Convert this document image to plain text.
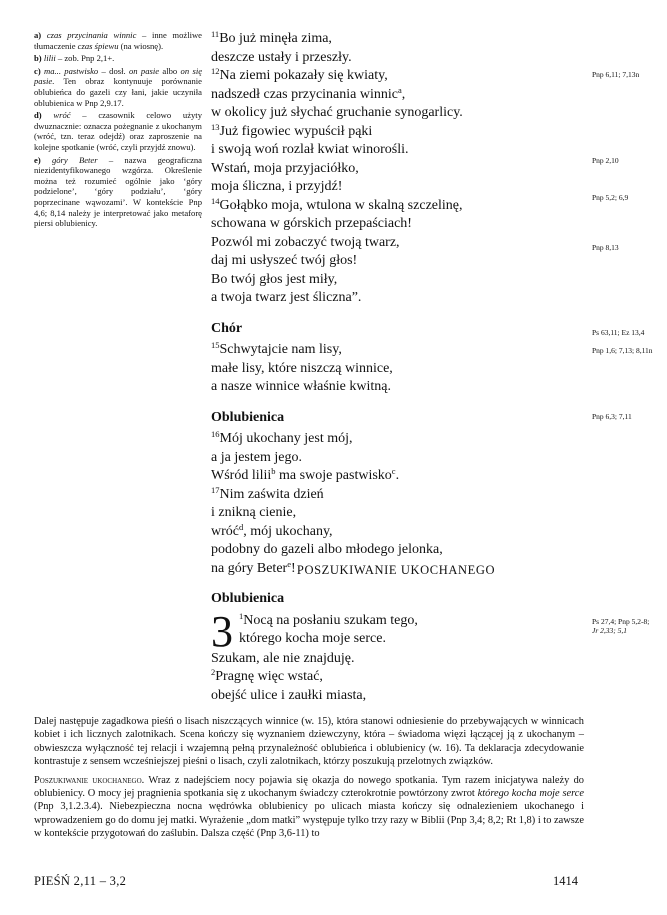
a) czas przycinania winnic – inne możliwe tłumaczenie czas śpiewu (na wiosnę).

b) lilii – zob. Pnp 2,1+.

c) ma... pastwisko – dosł. on pasie albo on się pasie. Ten obraz kontynuuje porównanie oblubieńca do gazeli czy łani, jakie uczyniła oblubienica w Pnp 2,9.17.

d) wróć – czasownik celowo użyty dwuznacznie: oznacza pożegnanie z ukochanym (wróć, tzn. teraz odejdź) oraz zaproszenie na kolejne spotkanie (wróć, czyli przyjdź znowu).

e) góry Beter – nazwa geograficzna niezidentyfikowanego wzgórza. Określenie można też rozumieć ogólnie jako ‘góry podzielone’, ‘góry podziału’, ‘góry poprzecinane wąwozami’. W kontekście Pnp 4,6; 8,14 należy je interpretować jako metaforę piersi oblubienicy.

$^{11}$Bo już minęła zima,
deszcze ustały i przeszły.
$^{12}$Na ziemi pokazały się kwiaty,
nadszedł czas przycinania winnic$^a$,
w okolicy już słychać gruchanie synogarlicy.
$^{13}$Już figowiec wypuścił pąki
i swoją woń rozlał kwiat winorośli.
Wstań, moja przyjaciółko,
moja śliczna, i przyjdź!
$^{14}$Gołąbko moja, wtulona w skalną szczelinę,
schowana w górskich przepaściach!
Pozwól mi zobaczyć twoją twarz,
daj mi usłyszeć twój głos!
Bo twój głos jest miły,
a twoja twarz jest śliczna”.
Chór
$^{15}$Schwytajcie nam lisy,
małe lisy, które niszczą winnice,
a nasze winnice właśnie kwitną.
Oblubienica
$^{16}$Mój ukochany jest mój,
a ja jestem jego.
Wśród lilii$^b$ ma swoje pastwisko$^c$.
$^{17}$Nim zaświta dzień
i znikną cienie,
wróć$^d$, mój ukochany,
podobny do gazeli albo młodego jelonka,
na góry Beter$^e$! POSZUKIWANIE UKOCHANEGO
Oblubienica
3 $^1$Nocą na posłaniu szukam tego,
którego kocha moje serce.
Szukam, ale nie znajduję.
$^2$Pragnę więc wstać,
obejść ulice i zaułki miasta,
Pnp 6,11; 7,13n
Pnp 2,10
Pnp 5,2; 6,9
Pnp 8,13
Ps 63,11; Ez 13,4
Pnp 1,6; 7,13; 8,11n
Pnp 6,3; 7,11
Ps 27,4; Pnp 5,2-8;
Jr 2,33; 5,1

Dalej następuje zagadkowa pieśń o lisach niszczących winnice (w. 15), która stanowi odniesienie do przebywających w winnicach kobiet i ich licznych zalotnikach. Scena kończy się wyznaniem dziewczyny, która – świadoma więzi łączącej ją z ukochanym – obwieszcza wyłączność tej relacji i wzajemną pełną przynależność oblubieńca i oblubienicy (w. 16). Ta deklaracja zdecydowanie kontrastuje z sensem wcześniejszej pieśni o lisach, czyli zalotnikach, którzy poszukują przelotnych związków.

Poszukiwanie ukochanego. Wraz z nadejściem nocy pojawia się okazja do nowego spotkania. Tym razem inicjatywa należy do oblubienicy. O mocy jej pragnienia spotkania się z ukochanym świadczy czterokrotnie powtórzony zwrot którego kocha moje serce (Pnp 3,1.2.3.4). Niebezpieczna nocna wędrówka oblubienicy po ulicach miasta kończy się odnalezieniem ukochanego i wprowadzeniem go do domu jej matki. Wyrażenie „dom matki” występuje tylko trzy razy w Biblii (Pnp 3,4; 8,2; Rt 1,8) i to zawsze w kontekście przygotowań do zaślubin. Dalsza część (Pnp 3,6-11) to

PIEŚŃ 2,11 – 3,2	1414
